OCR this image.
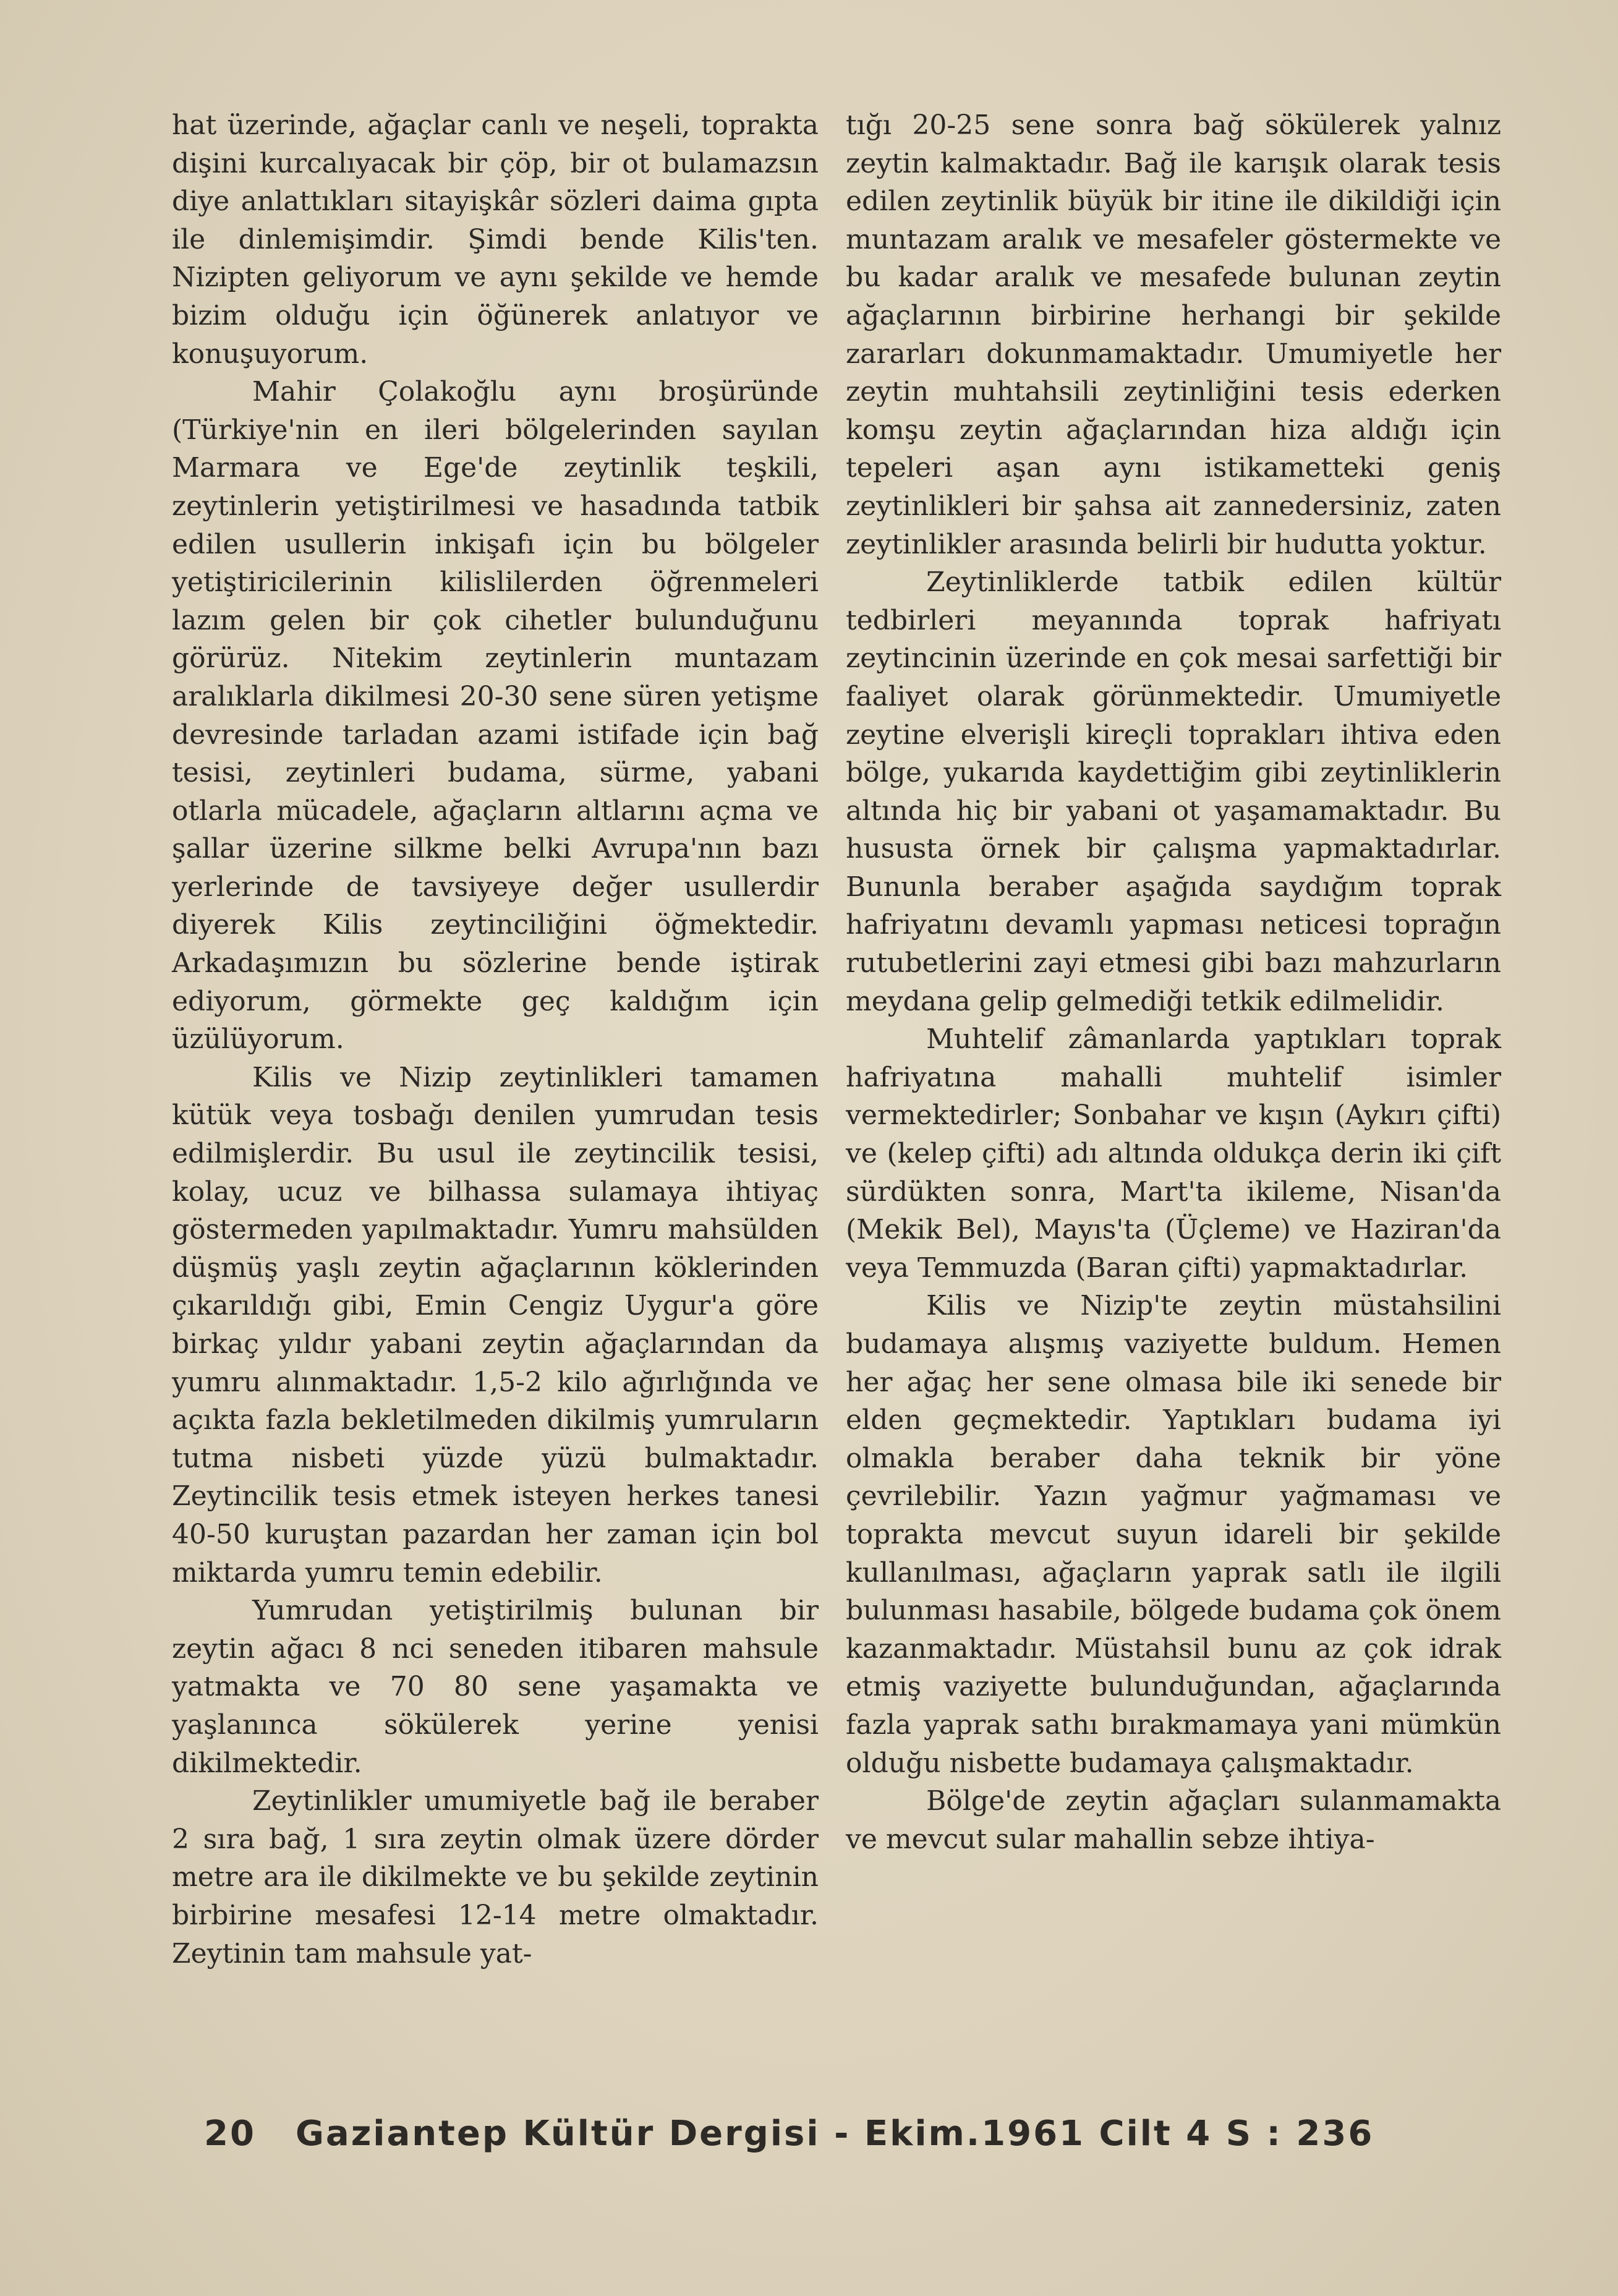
hat üzerinde, ağaçlar canlı ve neşeli, toprakta dişini kurcalıyacak bir çöp, bir ot bulamazsın diye anlattıkları sitayişkâr sözleri daima gıpta ile dinlemişimdir. Şimdi bende Kilis'ten. Nizipten geliyorum ve aynı şekilde ve hemde bizim olduğu için öğünerek anlatıyor ve konuşuyorum.

Mahir Çolakoğlu aynı broşüründe (Türkiye'nin en ileri bölgelerinden sayılan Marmara ve Ege'de zeytinlik teşkili, zeytinlerin yetiştirilmesi ve hasadında tatbik edilen usullerin inkişafı için bu bölgeler yetiştiricilerinin kilislilerden öğrenmeleri lazım gelen bir çok cihetler bulunduğunu görürüz. Nitekim zeytinlerin muntazam aralıklarla dikilmesi 20-30 sene süren yetişme devresinde tarladan azami istifade için bağ tesisi, zeytinleri budama, sürme, yabani otlarla mücadele, ağaçların altlarını açma ve şallar üzerine silkme belki Avrupa'nın bazı yerlerinde de tavsiyeye değer usullerdir diyerek Kilis zeytinciliğini öğmektedir. Arkadaşımızın bu sözlerine bende iştirak ediyorum, görmekte geç kaldığım için üzülüyorum.

Kilis ve Nizip zeytinlikleri tamamen kütük veya tosbağı denilen yumrudan tesis edilmişlerdir. Bu usul ile zeytincilik tesisi, kolay, ucuz ve bilhassa sulamaya ihtiyaç göstermeden yapılmaktadır. Yumru mahsülden düşmüş yaşlı zeytin ağaçlarının köklerinden çıkarıldığı gibi, Emin Cengiz Uygur'a göre birkaç yıldır yabani zeytin ağaçlarından da yumru alınmaktadır. 1,5-2 kilo ağırlığında ve açıkta fazla bekletilmeden dikilmiş yumruların tutma nisbeti yüzde yüzü bulmaktadır. Zeytincilik tesis etmek isteyen herkes tanesi 40-50 kuruştan pazardan her zaman için bol miktarda yumru temin edebilir.

Yumrudan yetiştirilmiş bulunan bir zeytin ağacı 8 nci seneden itibaren mahsule yatmakta ve 70 80 sene yaşamakta ve yaşlanınca sökülerek yerine yenisi dikilmektedir.

Zeytinlikler umumiyetle bağ ile beraber 2 sıra bağ, 1 sıra zeytin olmak üzere dörder metre ara ile dikilmekte ve bu şekilde zeytinin birbirine mesafesi 12-14 metre olmaktadır. Zeytinin tam mahsule yat-

tığı 20-25 sene sonra bağ sökülerek yalnız zeytin kalmaktadır. Bağ ile karışık olarak tesis edilen zeytinlik büyük bir itine ile dikildiği için muntazam aralık ve mesafeler göstermekte ve bu kadar aralık ve mesafede bulunan zeytin ağaçlarının birbirine herhangi bir şekilde zararları dokunmamaktadır. Umumiyetle her zeytin muhtahsili zeytinliğini tesis ederken komşu zeytin ağaçlarından hiza aldığı için tepeleri aşan aynı istikametteki geniş zeytinlikleri bir şahsa ait zannedersiniz, zaten zeytinlikler arasında belirli bir hudutta yoktur.

Zeytinliklerde tatbik edilen kültür tedbirleri meyanında toprak hafriyatı zeytincinin üzerinde en çok mesai sarfettiği bir faaliyet olarak görünmektedir. Umumiyetle zeytine elverişli kireçli toprakları ihtiva eden bölge, yukarıda kaydettiğim gibi zeytinliklerin altında hiç bir yabani ot yaşamamaktadır. Bu hususta örnek bir çalışma yapmaktadırlar. Bununla beraber aşağıda saydığım toprak hafriyatını devamlı yapması neticesi toprağın rutubetlerini zayi etmesi gibi bazı mahzurların meydana gelip gelmediği tetkik edilmelidir.

Muhtelif zâmanlarda yaptıkları toprak hafriyatına mahalli muhtelif isimler vermektedirler; Sonbahar ve kışın (Aykırı çifti) ve (kelep çifti) adı altında oldukça derin iki çift sürdükten sonra, Mart'ta ikileme, Nisan'da (Mekik Bel), Mayıs'ta (Üçleme) ve Haziran'da veya Temmuzda (Baran çifti) yapmaktadırlar.

Kilis ve Nizip'te zeytin müstahsilini budamaya alışmış vaziyette buldum. Hemen her ağaç her sene olmasa bile iki senede bir elden geçmektedir. Yaptıkları budama iyi olmakla beraber daha teknik bir yöne çevrilebilir. Yazın yağmur yağmaması ve toprakta mevcut suyun idareli bir şekilde kullanılması, ağaçların yaprak satlı ile ilgili bulunması hasabile, bölgede budama çok önem kazanmaktadır. Müstahsil bunu az çok idrak etmiş vaziyette bulunduğundan, ağaçlarında fazla yaprak sathı bırakmamaya yani mümkün olduğu nisbette budamaya çalışmaktadır.

Bölge'de zeytin ağaçları sulanmamakta ve mevcut sular mahallin sebze ihtiya-

20 Gaziantep Kültür Dergisi - Ekim.1961 Cilt 4 S : 236
